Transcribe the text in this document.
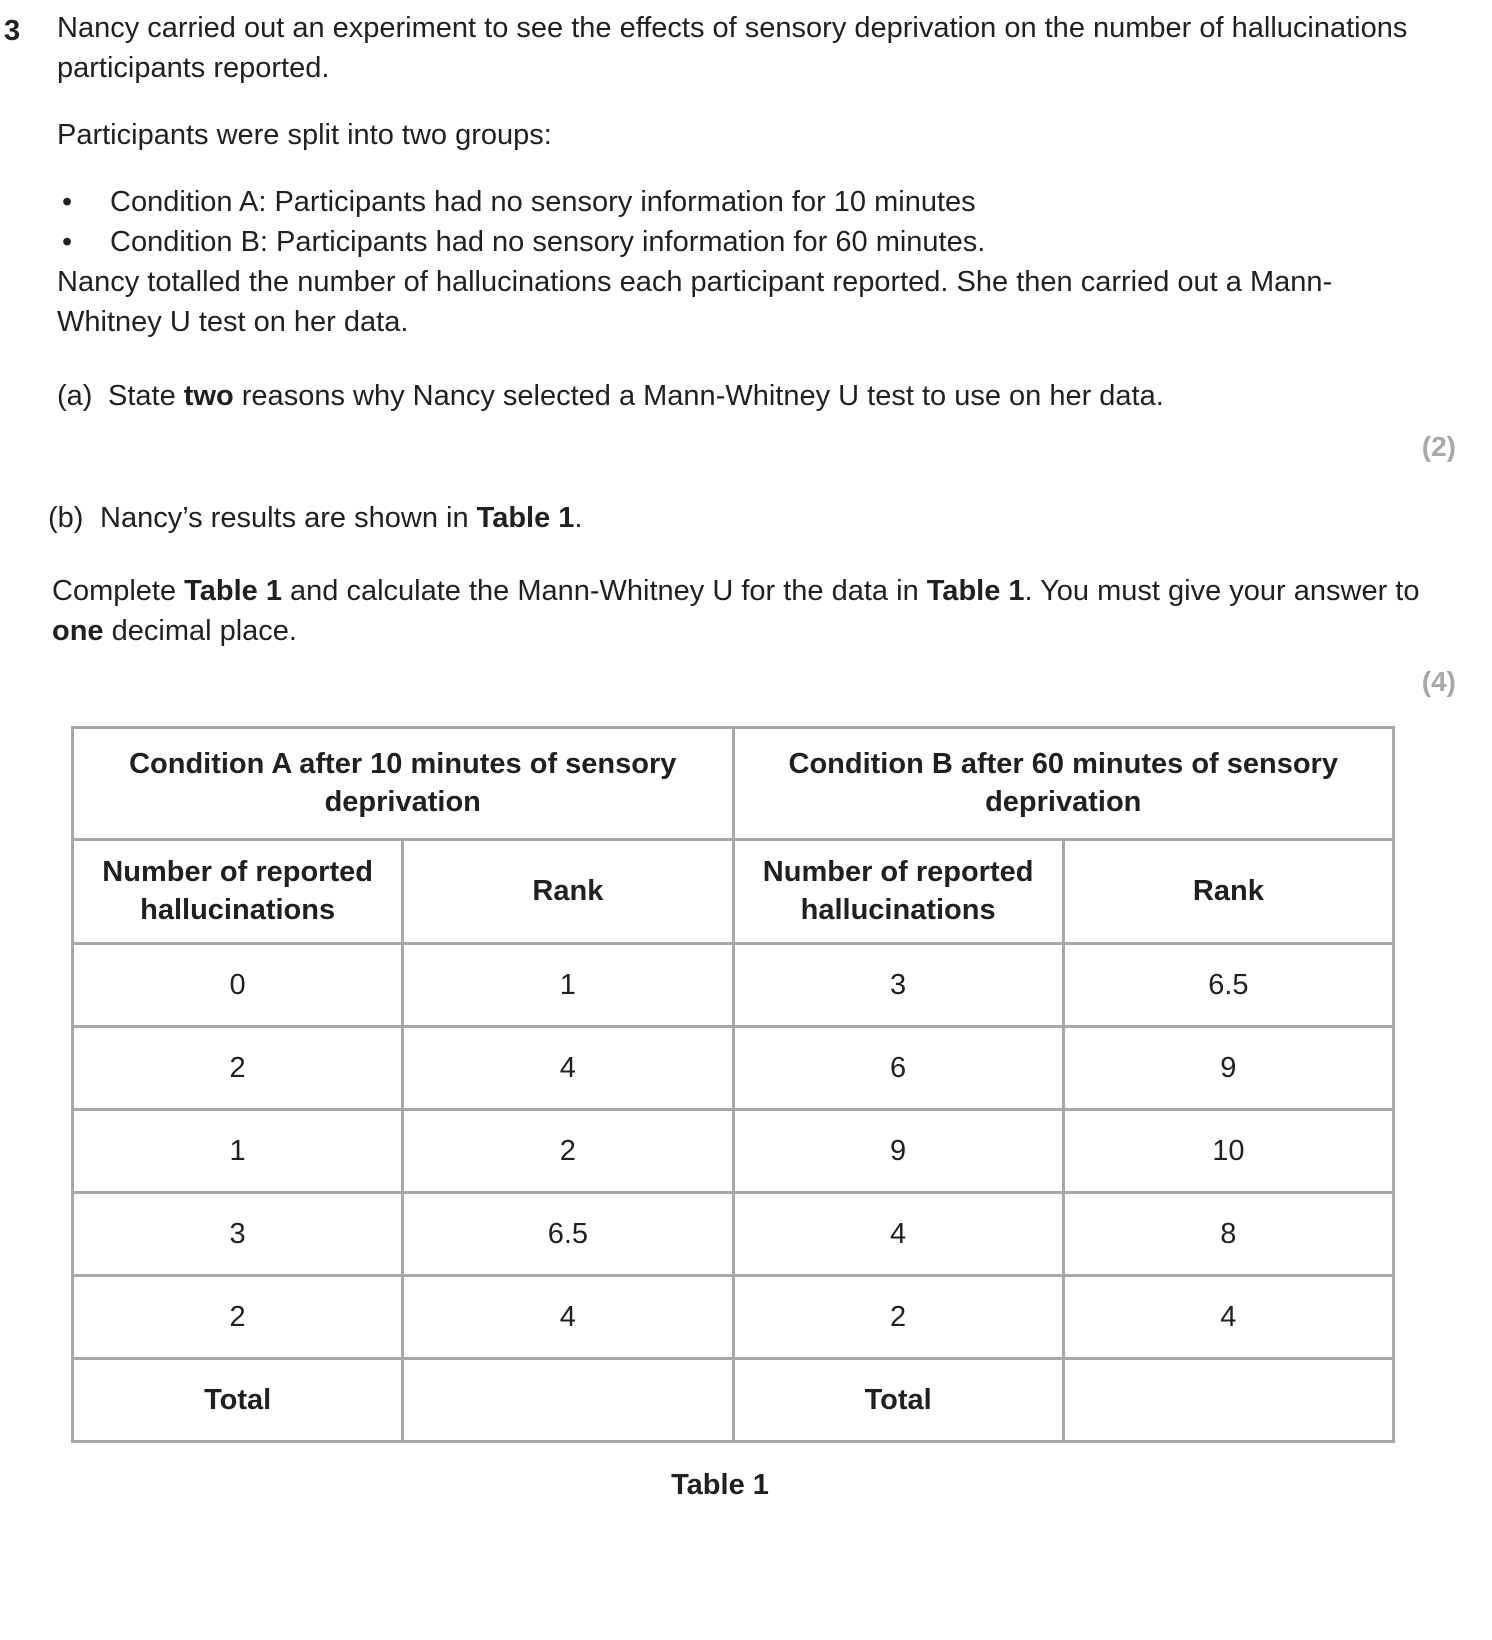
3 Nancy carried out an experiment to see the effects of sensory deprivation on the number of hallucinations participants reported.
Participants were split into two groups:
•	Condition A: Participants had no sensory information for 10 minutes
•	Condition B: Participants had no sensory information for 60 minutes.
Nancy totalled the number of hallucinations each participant reported. She then carried out a Mann-Whitney U test on her data.
(a) State two reasons why Nancy selected a Mann-Whitney U test to use on her data.
(2)
(b) Nancy’s results are shown in Table 1.
Complete Table 1 and calculate the Mann-Whitney U for the data in Table 1. You must give your answer to one decimal place.
(4)
Condition A after 10 minutes of sensory deprivation		Condition B after 60 minutes of sensory deprivation	
Number of reported hallucinations	Rank	Number of reported hallucinations	Rank
0	1	3	6.5
2	4	6	9
1	2	9	10
3	6.5	4	8
2	4	2	4
Total		Total	
Table 1
